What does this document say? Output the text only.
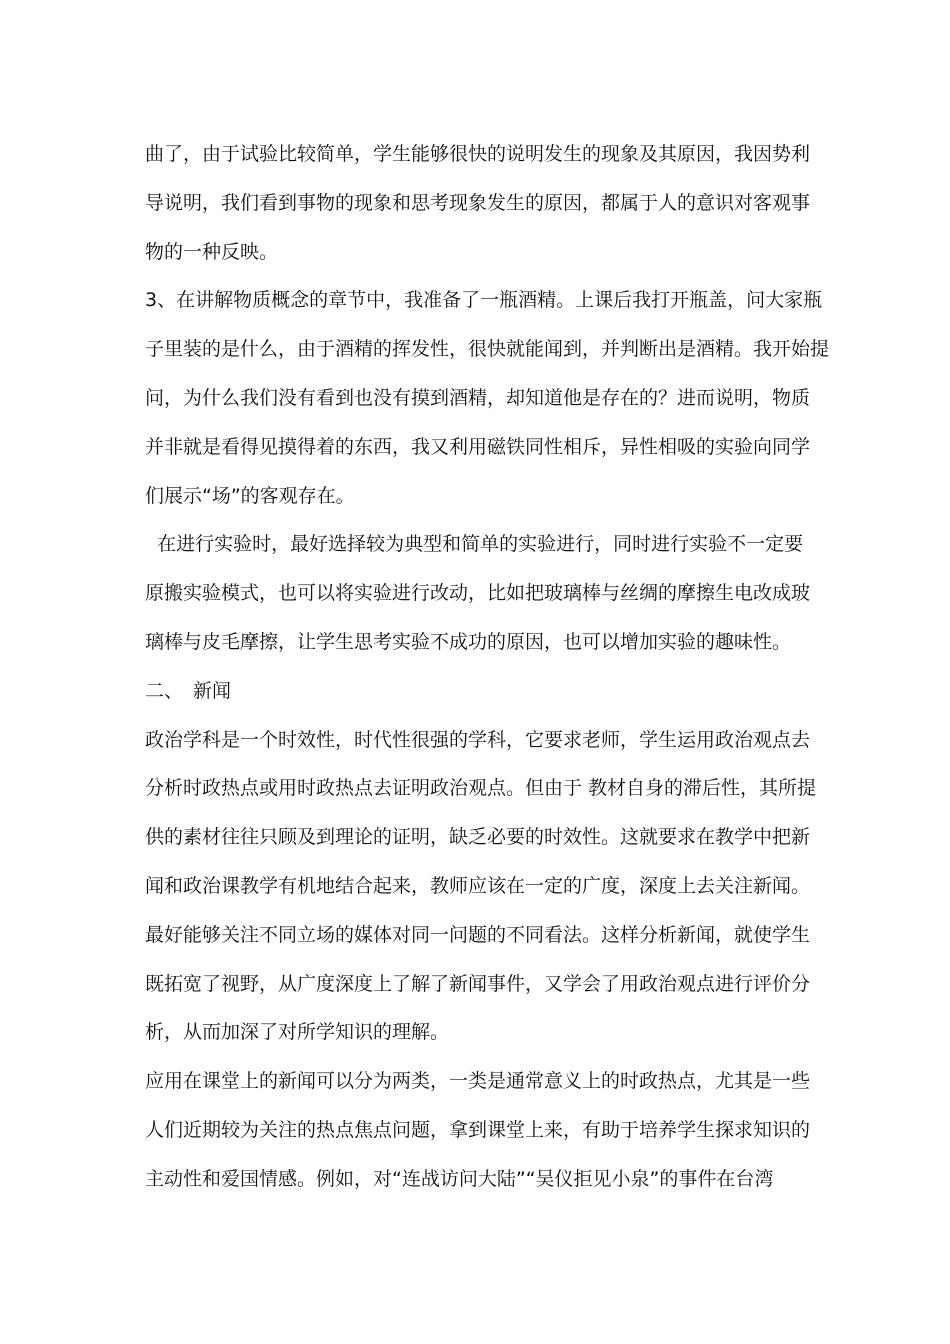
曲了，由于试验比较简单，学生能够很快的说明发生的现象及其原因，我因势利
导说明，我们看到事物的现象和思考现象发生的原因，都属于人的意识对客观事
物的一种反映。
3、在讲解物质概念的章节中，我准备了一瓶酒精。上课后我打开瓶盖，问大家瓶
子里装的是什么，由于酒精的挥发性，很快就能闻到，并判断出是酒精。我开始提
问，为什么我们没有看到也没有摸到酒精，却知道他是存在的？进而说明，物质
并非就是看得见摸得着的东西，我又利用磁铁同性相斥，异性相吸的实验向同学
们展示“场”的客观存在。
在进行实验时，最好选择较为典型和简单的实验进行，同时进行实验不一定要
原搬实验模式，也可以将实验进行改动，比如把玻璃棒与丝绸的摩擦生电改成玻
璃棒与皮毛摩擦，让学生思考实验不成功的原因，也可以增加实验的趣味性。
二、 新闻
政治学科是一个时效性，时代性很强的学科，它要求老师，学生运用政治观点去
分析时政热点或用时政热点去证明政治观点。但由于 教材自身的滞后性，其所提
供的素材往往只顾及到理论的证明，缺乏必要的时效性。这就要求在教学中把新
闻和政治课教学有机地结合起来，教师应该在一定的广度，深度上去关注新闻。
最好能够关注不同立场的媒体对同一问题的不同看法。这样分析新闻，就使学生
既拓宽了视野，从广度深度上了解了新闻事件，又学会了用政治观点进行评价分
析，从而加深了对所学知识的理解。
应用在课堂上的新闻可以分为两类，一类是通常意义上的时政热点，尤其是一些
人们近期较为关注的热点焦点问题，拿到课堂上来，有助于培养学生探求知识的
主动性和爱国情感。例如，对“连战访问大陆”“吴仪拒见小泉”的事件在台湾
